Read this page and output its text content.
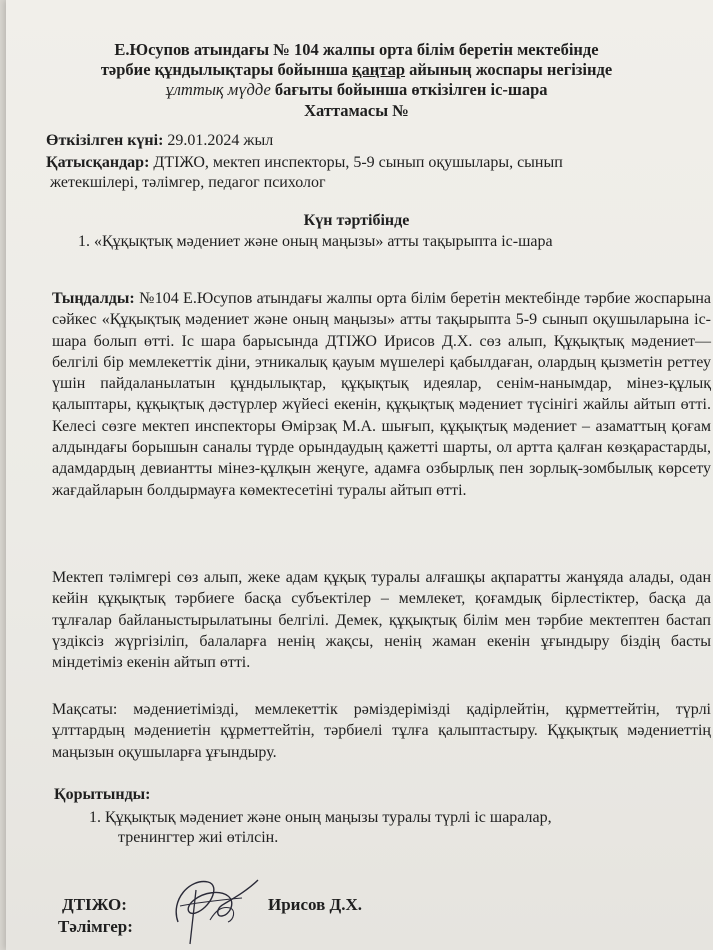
Е.Юсупов атындағы № 104 жалпы орта білім беретін мектебінде
тәрбие құндылықтары бойынша қаңтар айының жоспары негізінде
ұлттық мүдде бағыты бойынша өткізілген іс-шара
Хаттамасы №
Өткізілген күні: 29.01.2024 жыл
Қатысқандар: ДТІЖО, мектеп инспекторы, 5-9 сынып оқушылары, сынып
жетекшілері, тәлімгер, педагог психолог
Күн тәртібінде
1. «Құқықтық мәдениет және оның маңызы» атты тақырыпта іс-шара
Тыңдалды: №104 Е.Юсупов атындағы жалпы орта білім беретін мектебінде тәрбие жоспарына сәйкес «Құқықтық мәдениет және оның маңызы» атты тақырыпта 5-9 сынып оқушыларына іс-шара болып өтті. Іс шара барысында ДТІЖО Ирисов Д.Х. сөз алып, Құқықтық мәдениет— белгілі бір мемлекеттік діни, этникалық қауым мүшелері қабылдаған, олардың қызметін реттеу үшін пайдаланылатын құндылықтар, құқықтық идеялар, сенім-нанымдар, мінез-құлық қалыптары, құқықтық дәстүрлер жүйесі екенін, құқықтық мәдениет түсінігі жайлы айтып өтті. Келесі сөзге мектеп инспекторы Өмірзақ М.А. шығып, құқықтық мәдениет – азаматтың қоғам алдындағы борышын саналы түрде орындаудың қажетті шарты, ол артта қалған көзқарастарды, адамдардың девиантты мінез-құлқын жеңуге, адамға озбырлық пен зорлық-зомбылық көрсету жағдайларын болдырмауға көмектесетіні туралы айтып өтті.
Мектеп тәлімгері сөз алып, жеке адам құқық туралы алғашқы ақпаратты жанұяда алады, одан кейін құқықтық тәрбиеге басқа субъектілер – мемлекет, қоғамдық бірлестіктер, басқа да тұлғалар байланыстырылатыны белгілі. Демек, құқықтық білім мен тәрбие мектептен бастап үздіксіз жүргізіліп, балаларға ненің жақсы, ненің жаман екенін ұғындыру біздің басты міндетіміз екенін айтып өтті.
Мақсаты: мәдениетімізді, мемлекеттік рәміздерімізді қадірлейтін, құрметтейтін, түрлі ұлттардың мәдениетін құрметтейтін, тәрбиелі тұлға қалыптастыру. Құқықтық мәдениеттің маңызын оқушыларға ұғындыру.
Қорытынды:
1. Құқықтық мәдениет және оның маңызы туралы түрлі іс шаралар,
тренингтер жиі өтілсін.
ДТІЖО:	Ирисов Д.Х.
Тәлімгер:
